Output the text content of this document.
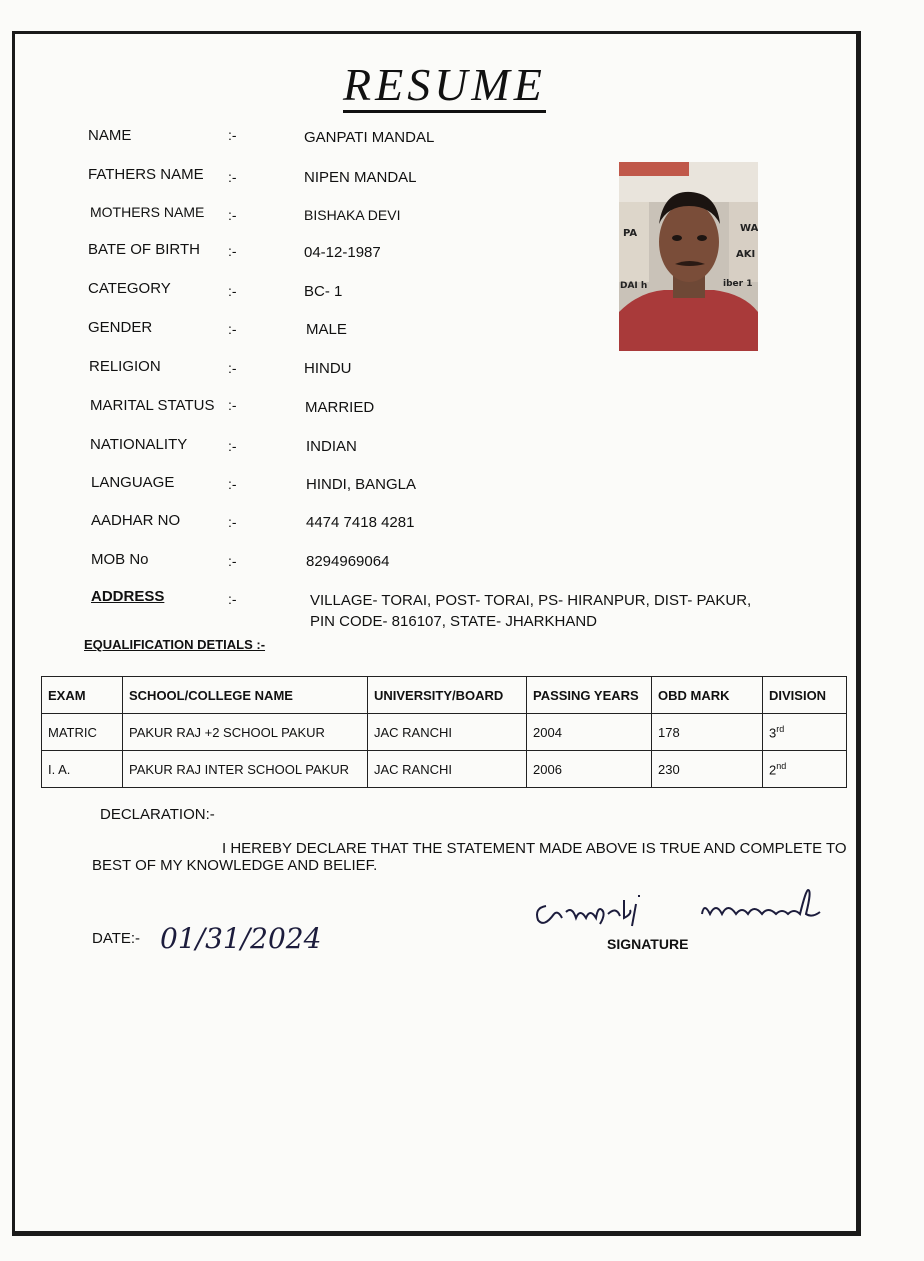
RESUME
NAME	:-	GANPATI MANDAL
FATHERS NAME :-	NIPEN MANDAL
MOTHERS NAME :-	BISHAKA DEVI
BATE OF BIRTH :-	04-12-1987
CATEGORY	:-	BC- 1
GENDER	:-	MALE
RELIGION	:-	HINDU
MARITAL STATUS :-	MARRIED
NATIONALITY	:-	INDIAN
LANGUAGE	:-	HINDI, BANGLA
AADHAR NO	:-	4474 7418 4281
MOB No	:-	8294969064
ADDRESS	:-	VILLAGE- TORAI, POST- TORAI, PS- HIRANPUR, DIST- PAKUR,
PIN CODE- 816107, STATE- JHARKHAND
PA	WA
AKI
DAI h	iber 1
EQUALIFICATION DETIALS :-
EXAM	SCHOOL/COLLEGE NAME	UNIVERSITY/BOARD	PASSING YEARS	OBD MARK	DIVISION
MATRIC	PAKUR RAJ +2 SCHOOL PAKUR	JAC RANCHI	2004	178	3rd
I. A.	PAKUR RAJ INTER SCHOOL PAKUR	JAC RANCHI	2006	230	2nd
DECLARATION:-
I HEREBY DECLARE THAT THE STATEMENT MADE ABOVE IS TRUE AND COMPLETE TO
BEST OF MY KNOWLEDGE AND BELIEF.
DATE:- 01/31/2024	SIGNATURE
